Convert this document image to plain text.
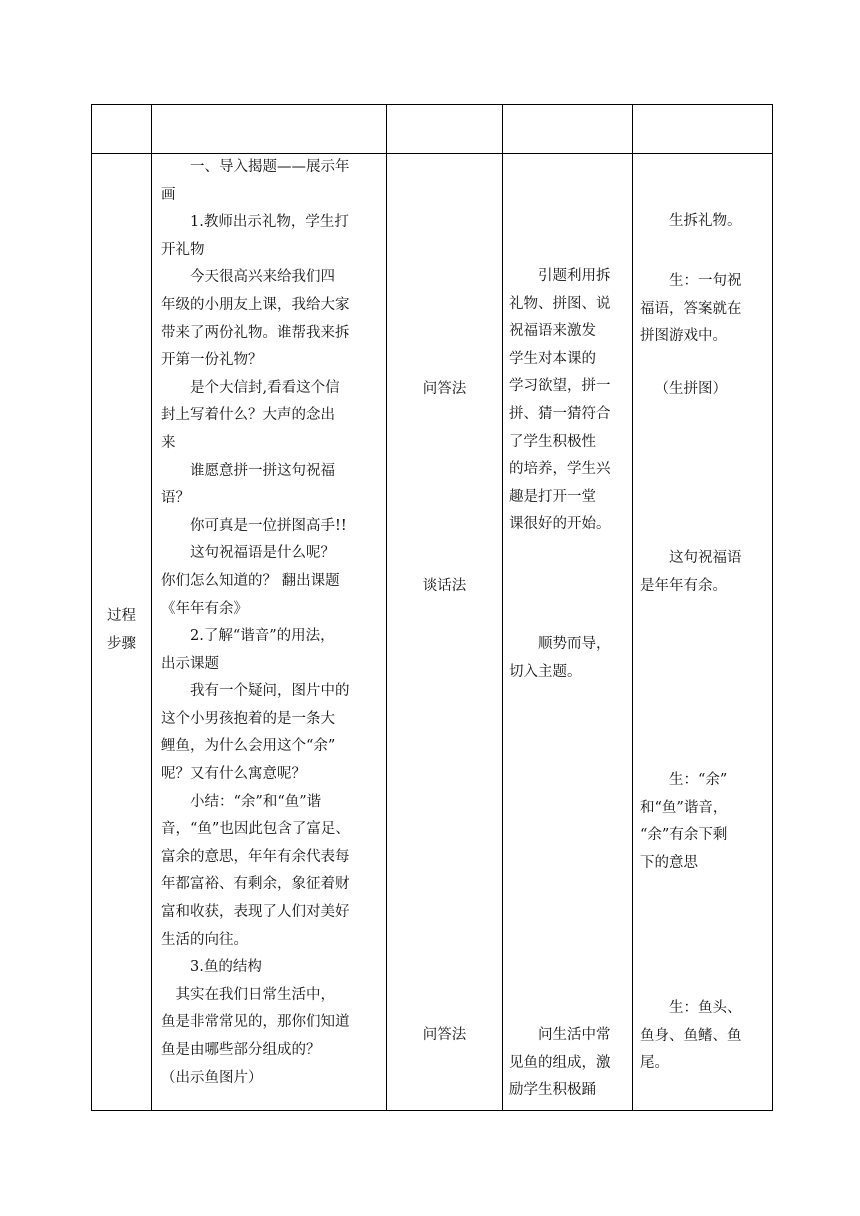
过程
步骤
一、导入揭题——展示年
画
1.教师出示礼物，学生打
开礼物
今天很高兴来给我们四
年级的小朋友上课，我给大家
带来了两份礼物。谁帮我来拆
开第一份礼物？
是个大信封,看看这个信
封上写着什么？大声的念出
来
谁愿意拼一拼这句祝福
语？
你可真是一位拼图高手!!
这句祝福语是什么呢？
你们怎么知道的？ 翻出课题
《年年有余》
2.了解“谐音”的用法，
出示课题
我有一个疑问，图片中的
这个小男孩抱着的是一条大
鲤鱼，为什么会用这个“余”
呢？又有什么寓意呢？
小结：“余”和“鱼”谐
音，“鱼”也因此包含了富足、
富余的意思，年年有余代表每
年都富裕、有剩余，象征着财
富和收获，表现了人们对美好
生活的向往。
3.鱼的结构
其实在我们日常生活中，
鱼是非常常见的，那你们知道
鱼是由哪些部分组成的？
（出示鱼图片）
问答法
谈话法
问答法
引题利用拆
礼物、拼图、说
祝福语来激发
学生对本课的
学习欲望，拼一
拼、猜一猜符合
了学生积极性
的培养，学生兴
趣是打开一堂
课很好的开始。
顺势而导，
切入主题。
问生活中常
见鱼的组成，激
励学生积极踊
生拆礼物。
生：一句祝
福语，答案就在
拼图游戏中。
（生拼图）
这句祝福语
是年年有余。
生：“余”
和“鱼”谐音，
“余”有余下剩
下的意思
生：鱼头、
鱼身、鱼鳍、鱼
尾。
